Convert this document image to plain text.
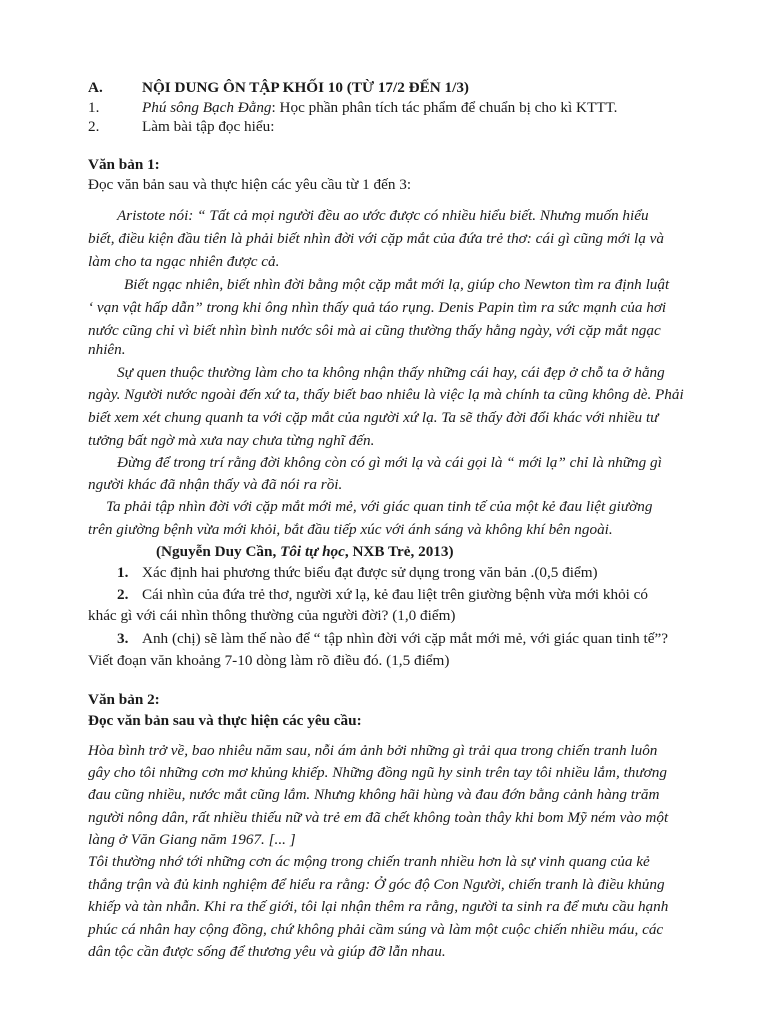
A.	NỘI DUNG ÔN TẬP KHỐI 10 (TỪ 17/2 ĐẾN 1/3)
1.	Phú sông Bạch Đằng: Học phần phân tích tác phẩm để chuẩn bị cho kì KTTT.
2.	Làm bài tập đọc hiểu:
Văn bản 1:
Đọc văn bản sau và thực hiện các yêu cầu từ 1 đến 3:
Aristote nói: “ Tất cả mọi người đều ao ước được có nhiều hiểu biết. Nhưng muốn hiểu
biết, điều kiện đầu tiên là phải biết nhìn đời với cặp mắt của đứa trẻ thơ: cái gì cũng mới lạ và
làm cho ta ngạc nhiên được cả.
Biết ngạc nhiên, biết nhìn đời bằng một cặp mắt mới lạ, giúp cho Newton tìm ra định luật
‘ vạn vật hấp dẫn” trong khi ông nhìn thấy quả táo rụng. Denis Papin tìm ra sức mạnh của hơi
nước cũng chỉ vì biết nhìn bình nước sôi mà ai cũng thường thấy hằng ngày, với cặp mắt ngạc
nhiên.
Sự quen thuộc thường làm cho ta không nhận thấy những cái hay, cái đẹp ở chỗ ta ở hằng
ngày. Người nước ngoài đến xứ ta, thấy biết bao nhiêu là việc lạ mà chính ta cũng không dè. Phải
biết xem xét chung quanh ta với cặp mắt của người xứ lạ. Ta sẽ thấy đời đổi khác với nhiều tư
tưởng bất ngờ mà xưa nay chưa từng nghĩ đến.
Đừng để trong trí rằng đời không còn có gì mới lạ và cái gọi là “ mới lạ” chỉ là những gì
người khác đã nhận thấy và đã nói ra rồi.
Ta phải tập nhìn đời với cặp mắt mới mẻ, với giác quan tinh tế của một kẻ đau liệt giường
trên giường bệnh vừa mới khỏi, bắt đầu tiếp xúc với ánh sáng và không khí bên ngoài.
(Nguyễn Duy Cần, Tôi tự học, NXB Trẻ, 2013)
1. Xác định hai phương thức biểu đạt được sử dụng trong văn bản .(0,5 điểm)
2. Cái nhìn của đứa trẻ thơ, người xứ lạ, kẻ đau liệt trên giường bệnh vừa mới khỏi có
khác gì với cái nhìn thông thường của người đời? (1,0 điểm)
3. Anh (chị) sẽ làm thế nào để “ tập nhìn đời với cặp mắt mới mẻ, với giác quan tinh tế”?
Viết đoạn văn khoảng 7-10 dòng làm rõ điều đó. (1,5 điểm)
Văn bản 2:
Đọc văn bản sau và thực hiện các yêu cầu:
Hòa bình trở về, bao nhiêu năm sau, nỗi ám ảnh bởi những gì trải qua trong chiến tranh luôn
gây cho tôi những cơn mơ khủng khiếp. Những đồng ngũ hy sinh trên tay tôi nhiều lắm, thương
đau cũng nhiều, nước mắt cũng lắm. Nhưng không hãi hùng và đau đớn bằng cảnh hàng trăm
người nông dân, rất nhiều thiếu nữ và trẻ em đã chết không toàn thây khi bom Mỹ ném vào một
làng ở Văn Giang năm 1967. [... ]
Tôi thường nhớ tới những cơn ác mộng trong chiến tranh nhiều hơn là sự vinh quang của kẻ
thắng trận và đủ kinh nghiệm để hiểu ra rằng: Ở góc độ Con Người, chiến tranh là điều khủng
khiếp và tàn nhẫn. Khi ra thế giới, tôi lại nhận thêm ra rằng, người ta sinh ra để mưu cầu hạnh
phúc cá nhân hay cộng đồng, chứ không phải cầm súng và làm một cuộc chiến nhiều máu, các
dân tộc cần được sống để thương yêu và giúp đỡ lẫn nhau.
